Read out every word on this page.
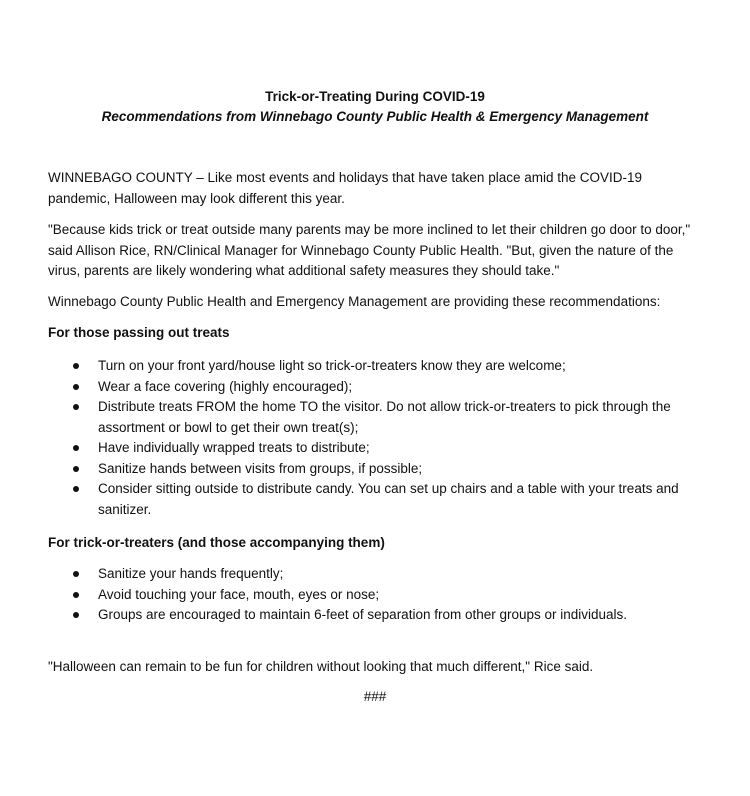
Trick-or-Treating During COVID-19
Recommendations from Winnebago County Public Health & Emergency Management

WINNEBAGO COUNTY – Like most events and holidays that have taken place amid the COVID-19 pandemic, Halloween may look different this year.

"Because kids trick or treat outside many parents may be more inclined to let their children go door to door," said Allison Rice, RN/Clinical Manager for Winnebago County Public Health. "But, given the nature of the virus, parents are likely wondering what additional safety measures they should take."

Winnebago County Public Health and Emergency Management are providing these recommendations:

For those passing out treats
Turn on your front yard/house light so trick-or-treaters know they are welcome;
Wear a face covering (highly encouraged);
Distribute treats FROM the home TO the visitor. Do not allow trick-or-treaters to pick through the assortment or bowl to get their own treat(s);
Have individually wrapped treats to distribute;
Sanitize hands between visits from groups, if possible;
Consider sitting outside to distribute candy. You can set up chairs and a table with your treats and sanitizer.
For trick-or-treaters (and those accompanying them)
Sanitize your hands frequently;
Avoid touching your face, mouth, eyes or nose;
Groups are encouraged to maintain 6-feet of separation from other groups or individuals.

"Halloween can remain to be fun for children without looking that much different," Rice said.

###
